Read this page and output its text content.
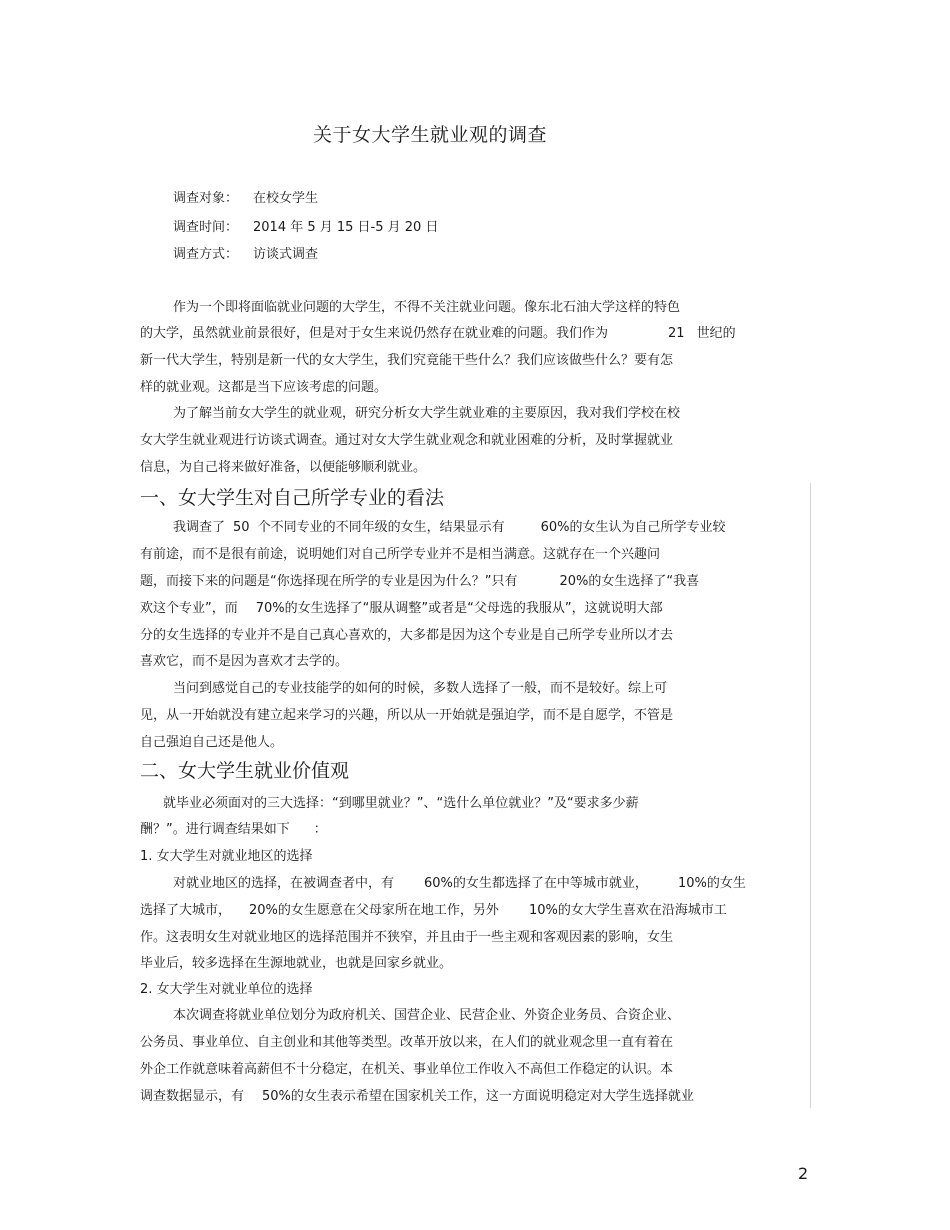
关于女大学生就业观的调查
调查对象： 在校女学生
调查时间： 2014 年 5 月 15 日-5 月 20 日
调查方式： 访谈式调查
作为一个即将面临就业问题的大学生，不得不关注就业问题。像东北石油大学这样的特色
的大学，虽然就业前景很好，但是对于女生来说仍然存在就业难的问题。我们作为	21 世纪的
新一代大学生，特别是新一代的女大学生，我们究竟能干些什么？我们应该做些什么？要有怎
样的就业观。这都是当下应该考虑的问题。
为了解当前女大学生的就业观，研究分析女大学生就业难的主要原因，我对我们学校在校
女大学生就业观进行访谈式调查。通过对女大学生就业观念和就业困难的分析，及时掌握就业
信息，为自己将来做好准备，以便能够顺利就业。
一、女大学生对自己所学专业的看法
我调查了 50 个不同专业的不同年级的女生，结果显示有	60%的女生认为自己所学专业较
有前途，而不是很有前途，说明她们对自己所学专业并不是相当满意。这就存在一个兴趣问
题，而接下来的问题是“你选择现在所学的专业是因为什么？”只有	20%的女生选择了“我喜
欢这个专业”，而 70%的女生选择了“服从调整”或者是“父母选的我服从”，这就说明大部
分的女生选择的专业并不是自己真心喜欢的，大多都是因为这个专业是自己所学专业所以才去
喜欢它，而不是因为喜欢才去学的。
当问到感觉自己的专业技能学的如何的时候，多数人选择了一般，而不是较好。综上可
见，从一开始就没有建立起来学习的兴趣，所以从一开始就是强迫学，而不是自愿学，不管是
自己强迫自己还是他人。
二、女大学生就业价值观
就毕业必须面对的三大选择：“到哪里就业？”、“选什么单位就业？”及“要求多少薪
酬？”。进行调查结果如下 ：
1. 女大学生对就业地区的选择
对就业地区的选择，在被调查者中，有 60%的女生都选择了在中等城市就业， 10%的女生
选择了大城市， 20%的女生愿意在父母家所在地工作，另外 10%的女大学生喜欢在沿海城市工
作。这表明女生对就业地区的选择范围并不狭窄，并且由于一些主观和客观因素的影响，女生
毕业后，较多选择在生源地就业，也就是回家乡就业。
2. 女大学生对就业单位的选择
本次调查将就业单位划分为政府机关、国营企业、民营企业、外资企业务员、合资企业、
公务员、事业单位、自主创业和其他等类型。改革开放以来，在人们的就业观念里一直有着在
外企工作就意味着高薪但不十分稳定，在机关、事业单位工作收入不高但工作稳定的认识。本
调查数据显示，有 50%的女生表示希望在国家机关工作，这一方面说明稳定对大学生选择就业
2
